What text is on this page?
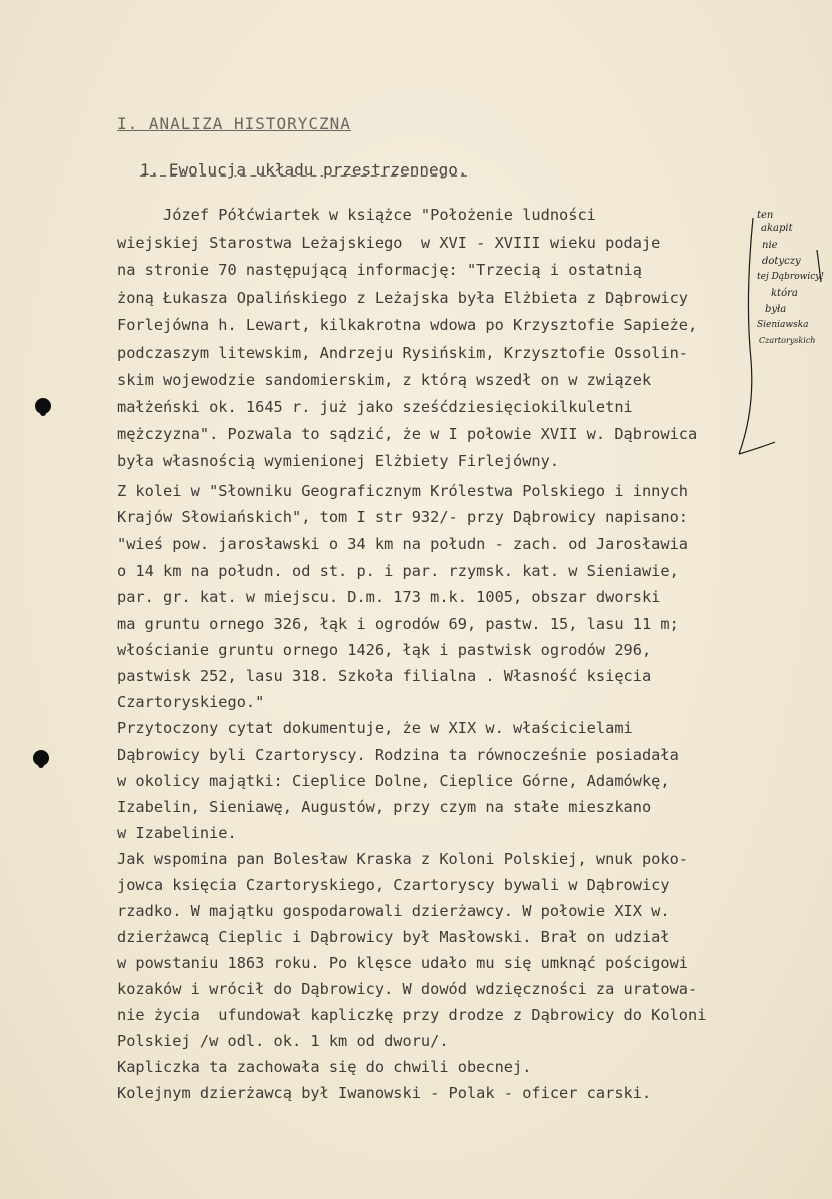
I. ANALIZA HISTORYCZNA
1. Ewolucja układu przestrzennego.
Józef Półćwiartek w książce "Położenie ludności
wiejskiej Starostwa Leżajskiego  w XVI - XVIII wieku podaje
na stronie 70 następującą informację: "Trzecią i ostatnią
żoną Łukasza Opalińskiego z Leżajska była Elżbieta z Dąbrowicy
Forlejówna h. Lewart, kilkakrotna wdowa po Krzysztofie Sapieże,
podczaszym litewskim, Andrzeju Rysińskim, Krzysztofie Ossolin-
skim wojewodzie sandomierskim, z którą wszedł on w związek
małżeński ok. 1645 r. już jako sześćdziesięciokilkuletni
mężczyzna". Pozwala to sądzić, że w I połowie XVII w. Dąbrowica
była własnością wymienionej Elżbiety Firlejówny.
Z kolei w "Słowniku Geograficznym Królestwa Polskiego i innych
Krajów Słowiańskich", tom I str 932/- przy Dąbrowicy napisano:
"wieś pow. jarosławski o 34 km na połudn - zach. od Jarosławia
o 14 km na połudn. od st. p. i par. rzymsk. kat. w Sieniawie,
par. gr. kat. w miejscu. D.m. 173 m.k. 1005, obszar dworski
ma gruntu ornego 326, łąk i ogrodów 69, pastw. 15, lasu 11 m;
włościanie gruntu ornego 1426, łąk i pastwisk ogrodów 296,
pastwisk 252, lasu 318. Szkoła filialna . Własność księcia
Czartoryskiego."
Przytoczony cytat dokumentuje, że w XIX w. właścicielami
Dąbrowicy byli Czartoryscy. Rodzina ta równocześnie posiadała
w okolicy majątki: Cieplice Dolne, Cieplice Górne, Adamówkę,
Izabelin, Sieniawę, Augustów, przy czym na stałe mieszkano
w Izabelinie.
Jak wspomina pan Bolesław Kraska z Koloni Polskiej, wnuk poko-
jowca księcia Czartoryskiego, Czartoryscy bywali w Dąbrowicy
rzadko. W majątku gospodarowali dzierżawcy. W połowie XIX w.
dzierżawcą Cieplic i Dąbrowicy był Masłowski. Brał on udział
w powstaniu 1863 roku. Po klęsce udało mu się umknąć pościgowi
kozaków i wrócił do Dąbrowicy. W dowód wdzięczności za uratowa-
nie życia  ufundował kapliczkę przy drodze z Dąbrowicy do Koloni
Polskiej /w odl. ok. 1 km od dworu/.
Kapliczka ta zachowała się do chwili obecnej.
Kolejnym dzierżawcą był Iwanowski - Polak - oficer carski.
ten
akapit
nie
dotyczy
tej Dąbrowicy!
która
była
Sieniawska
Czartoryskich
